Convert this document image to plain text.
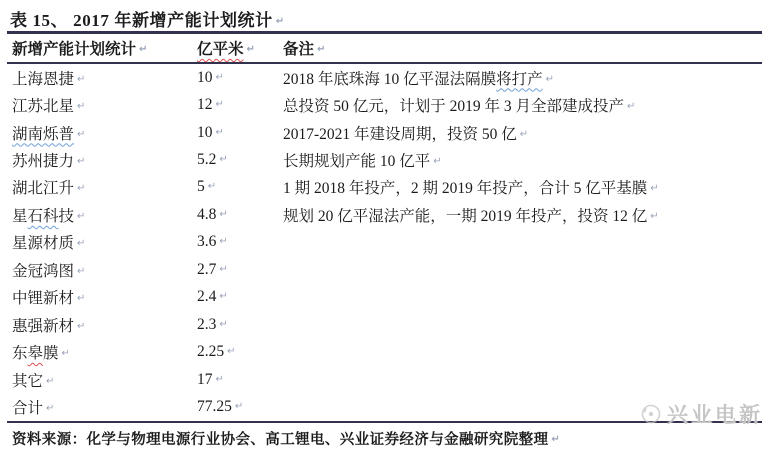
表 15、 2017 年新增产能计划统计 ↵
新增产能计划统计 ↵	亿平米 ↵	备注 ↵
上海恩捷 ↵	10 ↵	2018 年底珠海 10 亿平湿法隔膜将打产 ↵
江苏北星 ↵	12 ↵	总投资 50 亿元，计划于 2019 年 3 月全部建成投产 ↵
湖南烁普 ↵	10 ↵	2017-2021 年建设周期，投资 50 亿 ↵
苏州捷力 ↵	5.2 ↵	长期规划产能 10 亿平 ↵
湖北江升 ↵	5 ↵	1 期 2018 年投产，2 期 2019 年投产，合计 5 亿平基膜 ↵
星石科技 ↵	4.8 ↵	规划 20 亿平湿法产能，一期 2019 年投产，投资 12 亿 ↵
星源材质 ↵	3.6 ↵
金冠鸿图 ↵	2.7 ↵
中锂新材 ↵	2.4 ↵
惠强新材 ↵	2.3 ↵
东皋膜 ↵	2.25 ↵
其它 ↵	17 ↵
合计 ↵	77.25 ↵
资料来源：化学与物理电源行业协会、高工锂电、兴业证券经济与金融研究院整理 ↵
兴业电新
